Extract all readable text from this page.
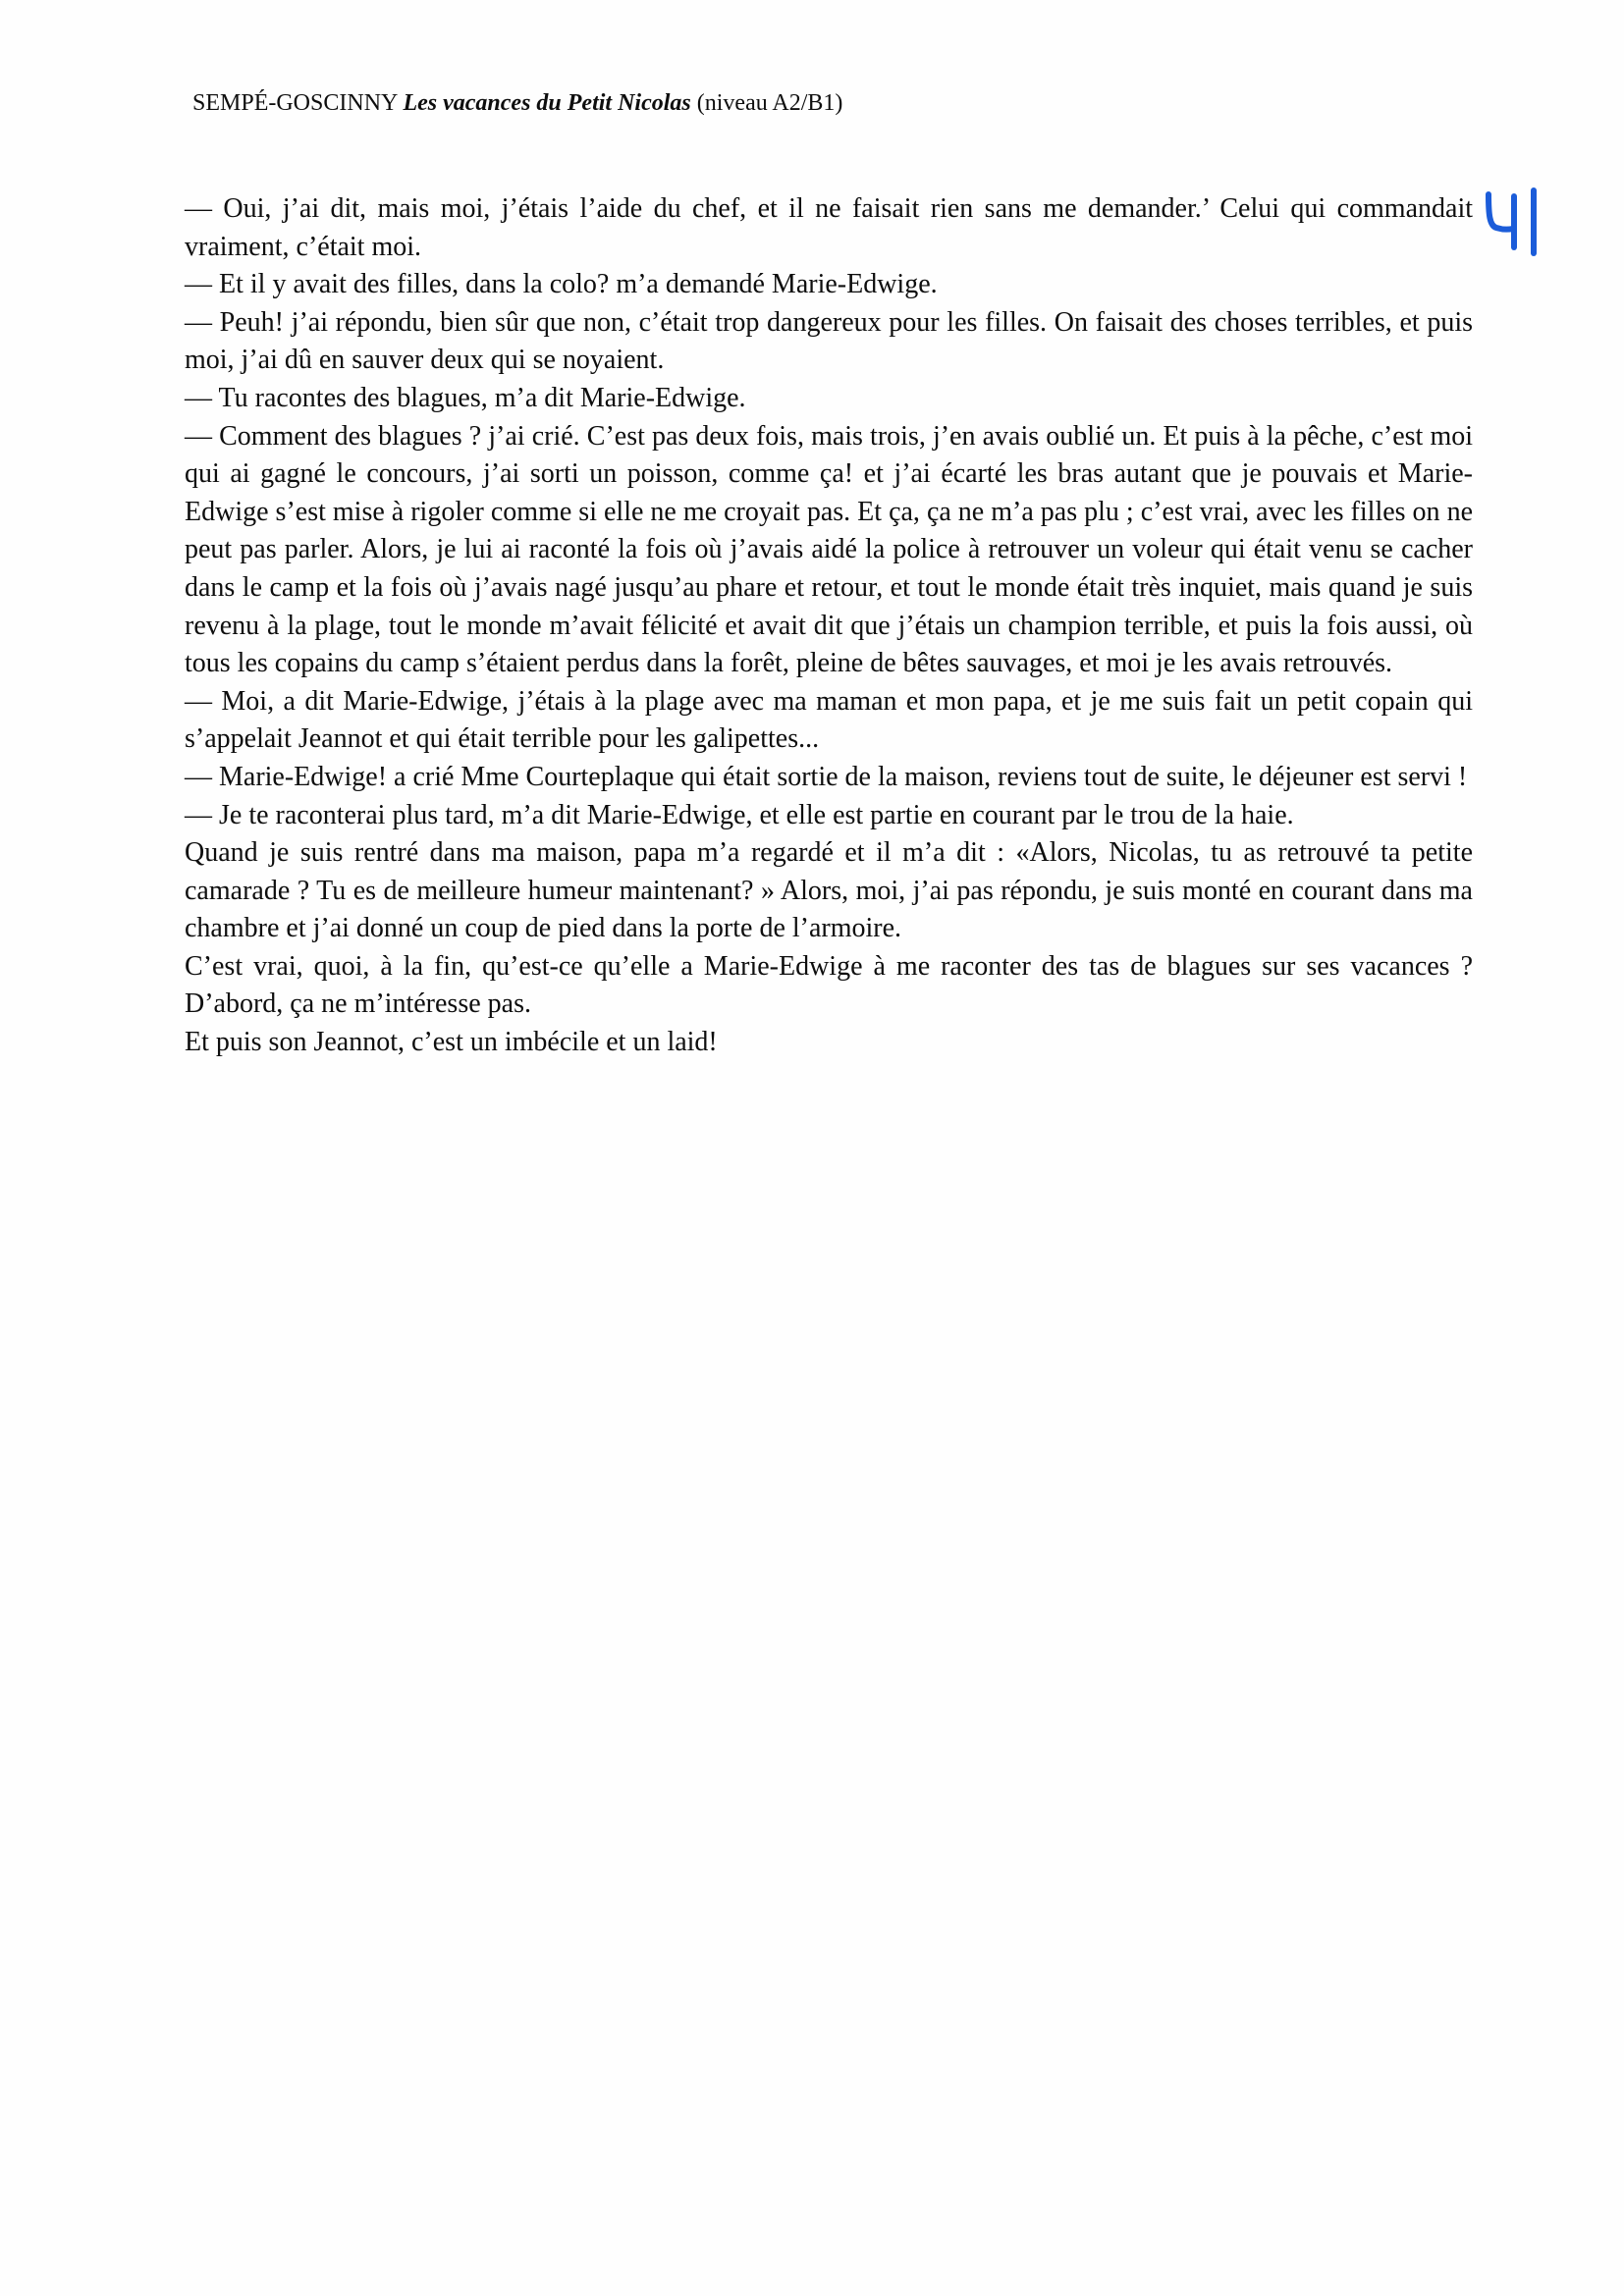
SEMPÉ-GOSCINNY Les vacances du Petit Nicolas (niveau A2/B1)

— Oui, j’ai dit, mais moi, j’étais l’aide du chef, et il ne faisait rien sans me demander.’ Celui qui commandait vraiment, c’était moi.

— Et il y avait des filles, dans la colo? m’a demandé Marie-Edwige.

— Peuh! j’ai répondu, bien sûr que non, c’était trop dangereux pour les filles. On faisait des choses terribles, et puis moi, j’ai dû en sauver deux qui se noyaient.

— Tu racontes des blagues, m’a dit Marie-Edwige.

— Comment des blagues ? j’ai crié. C’est pas deux fois, mais trois, j’en avais oublié un. Et puis à la pêche, c’est moi qui ai gagné le concours, j’ai sorti un poisson, comme ça! et j’ai écarté les bras autant que je pouvais et Marie-Edwige s’est mise à rigoler comme si elle ne me croyait pas. Et ça, ça ne m’a pas plu ; c’est vrai, avec les filles on ne peut pas parler. Alors, je lui ai raconté la fois où j’avais aidé la police à retrouver un voleur qui était venu se cacher dans le camp et la fois où j’avais nagé jusqu’au phare et retour, et tout le monde était très inquiet, mais quand je suis revenu à la plage, tout le monde m’avait félicité et avait dit que j’étais un champion terrible, et puis la fois aussi, où tous les copains du camp s’étaient perdus dans la forêt, pleine de bêtes sauvages, et moi je les avais retrouvés.

— Moi, a dit Marie-Edwige, j’étais à la plage avec ma maman et mon papa, et je me suis fait un petit copain qui s’appelait Jeannot et qui était terrible pour les galipettes...

— Marie-Edwige! a crié Mme Courteplaque qui était sortie de la maison, reviens tout de suite, le déjeuner est servi !

— Je te raconterai plus tard, m’a dit Marie-Edwige, et elle est partie en courant par le trou de la haie.

Quand je suis rentré dans ma maison, papa m’a regardé et il m’a dit : «Alors, Nicolas, tu as retrouvé ta petite camarade ? Tu es de meilleure humeur maintenant? » Alors, moi, j’ai pas répondu, je suis monté en courant dans ma chambre et j’ai donné un coup de pied dans la porte de l’armoire.

C’est vrai, quoi, à la fin, qu’est-ce qu’elle a Marie-Edwige à me raconter des tas de blagues sur ses vacances ? D’abord, ça ne m’intéresse pas.

Et puis son Jeannot, c’est un imbécile et un laid!
